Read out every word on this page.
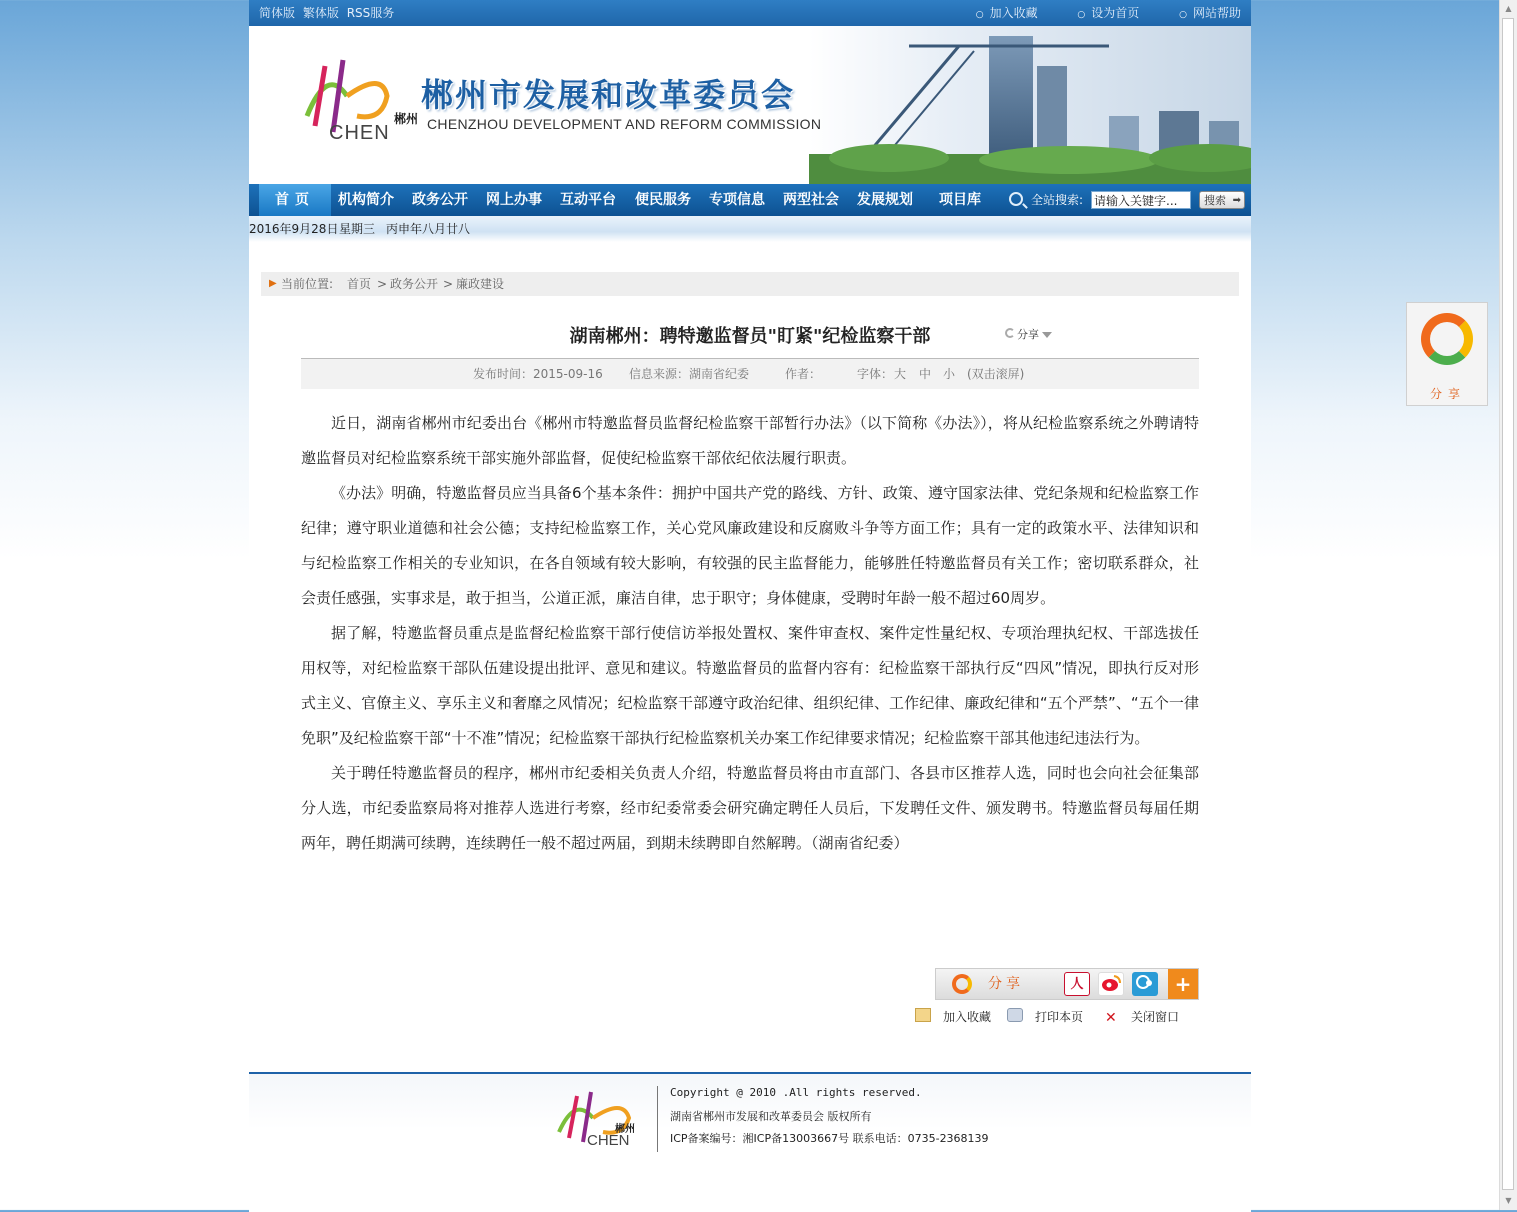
▲
▼
简体版 繁体版 RSS服务	○ 加入收藏	○ 设为首页	○ 网站帮助
郴州
CHEN
郴州市发展和改革委员会
CHENZHOU DEVELOPMENT AND REFORM COMMISSION
首页	机构简介 政务公开 网上办事 互动平台 便民服务 专项信息 两型社会 发展规划 项目库	全站搜索:
请输入关键字...	搜索 ➡
2016年9月28日 星期三 丙申年八月廿八
▶ 当前位置: 首页 > 政务公开 > 廉政建设
湖南郴州：聘特邀监督员"盯紧"纪检监察干部	分享
发布时间：2015-09-16 信息来源：湖南省纪委	作者：	字体： 大 中 小 (双击滚屏)

近日，湖南省郴州市纪委出台《郴州市特邀监督员监督纪检监察干部暂行办法》（以下简称《办法》），将从纪检监察系统之外聘请特邀监督员对纪检监察系统干部实施外部监督，促使纪检监察干部依纪依法履行职责。

《办法》明确，特邀监督员应当具备6个基本条件：拥护中国共产党的路线、方针、政策、遵守国家法律、党纪条规和纪检监察工作纪律；遵守职业道德和社会公德；支持纪检监察工作，关心党风廉政建设和反腐败斗争等方面工作；具有一定的政策水平、法律知识和与纪检监察工作相关的专业知识，在各自领域有较大影响，有较强的民主监督能力，能够胜任特邀监督员有关工作；密切联系群众，社会责任感强，实事求是，敢于担当，公道正派，廉洁自律，忠于职守；身体健康，受聘时年龄一般不超过60周岁。

据了解，特邀监督员重点是监督纪检监察干部行使信访举报处置权、案件审查权、案件定性量纪权、专项治理执纪权、干部选拔任用权等，对纪检监察干部队伍建设提出批评、意见和建议。特邀监督员的监督内容有：纪检监察干部执行反“四风”情况，即执行反对形式主义、官僚主义、享乐主义和奢靡之风情况；纪检监察干部遵守政治纪律、组织纪律、工作纪律、廉政纪律和“五个严禁”、“五个一律免职”及纪检监察干部“十不准”情况；纪检监察干部执行纪检监察机关办案工作纪律要求情况；纪检监察干部其他违纪违法行为。

关于聘任特邀监督员的程序，郴州市纪委相关负责人介绍，特邀监督员将由市直部门、各县市区推荐人选，同时也会向社会征集部分人选，市纪委监察局将对推荐人选进行考察，经市纪委常委会研究确定聘任人员后，下发聘任文件、颁发聘书。特邀监督员每届任期两年，聘任期满可续聘，连续聘任一般不超过两届，到期未续聘即自然解聘。（湖南省纪委）

分享	人	+
加入收藏	打印本页 ✕ 关闭窗口
郴州
CHEN
Copyright @ 2010 .All rights reserved.
湖南省郴州市发展和改革委员会 版权所有
ICP备案编号：湘ICP备13003667号 联系电话：0735-2368139
分享
